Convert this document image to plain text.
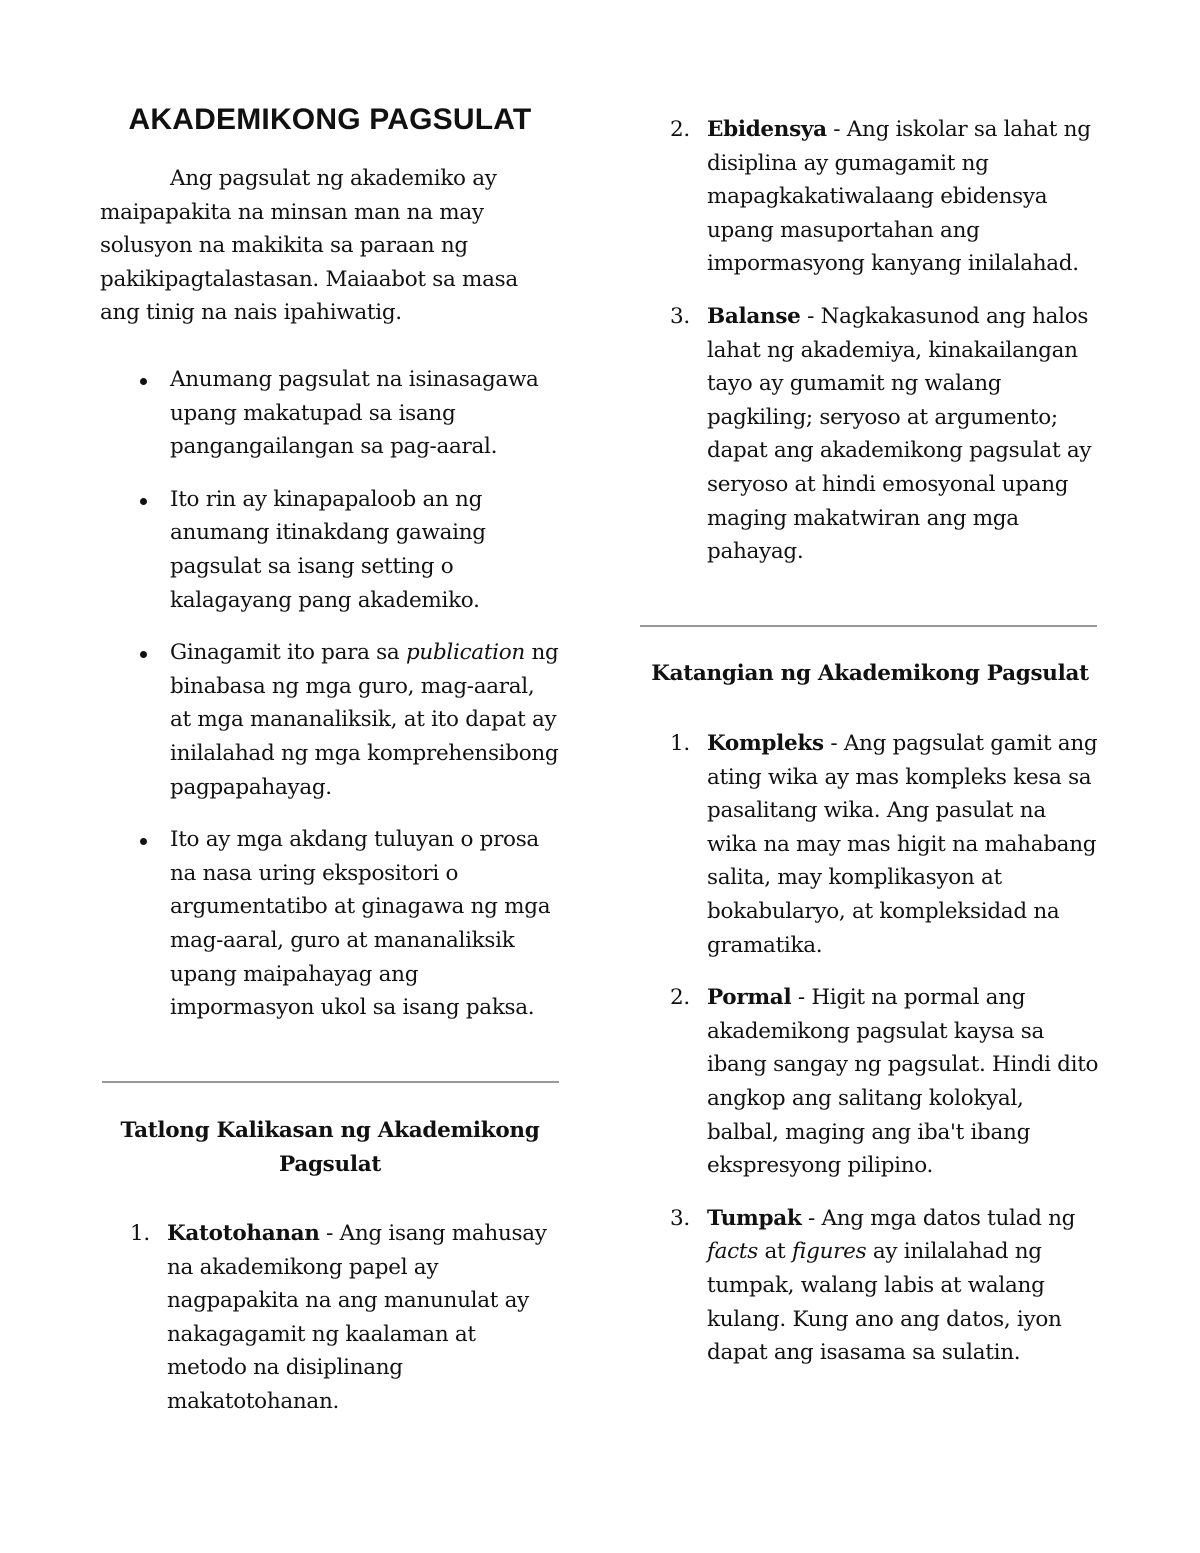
AKADEMIKONG PAGSULAT

Ang pagsulat ng akademiko ay maipapakita na minsan man na may solusyon na makikita sa paraan ng pakikipagtalastasan. Maiaabot sa masa ang tinig na nais ipahiwatig.

Anumang pagsulat na isinasagawa upang makatupad sa isang pangangailangan sa pag-aaral.
Ito rin ay kinapapaloob an ng anumang itinakdang gawaing pagsulat sa isang setting o kalagayang pang akademiko.
Ginagamit ito para sa publication ng binabasa ng mga guro, mag-aaral, at mga mananaliksik, at ito dapat ay inilalahad ng mga komprehensibong pagpapahayag.
Ito ay mga akdang tuluyan o prosa na nasa uring ekspositori o argumentatibo at ginagawa ng mga mag-aaral, guro at mananaliksik upang maipahayag ang impormasyon ukol sa isang paksa.
Tatlong Kalikasan ng Akademikong Pagsulat
1. Katotohanan - Ang isang mahusay na akademikong papel ay nagpapakita na ang manunulat ay nakagagamit ng kaalaman at metodo na disiplinang makatotohanan.
2. Ebidensya - Ang iskolar sa lahat ng disiplina ay gumagamit ng mapagkakatiwalaang ebidensya upang masuportahan ang impormasyong kanyang inilalahad.
3. Balanse - Nagkakasunod ang halos lahat ng akademiya, kinakailangan tayo ay gumamit ng walang pagkiling; seryoso at argumento; dapat ang akademikong pagsulat ay seryoso at hindi emosyonal upang maging makatwiran ang mga pahayag.
Katangian ng Akademikong Pagsulat
1. Kompleks - Ang pagsulat gamit ang ating wika ay mas kompleks kesa sa pasalitang wika. Ang pasulat na wika na may mas higit na mahabang salita, may komplikasyon at bokabularyo, at kompleksidad na gramatika.
2. Pormal - Higit na pormal ang akademikong pagsulat kaysa sa ibang sangay ng pagsulat. Hindi dito angkop ang salitang kolokyal, balbal, maging ang iba't ibang ekspresyong pilipino.
3. Tumpak - Ang mga datos tulad ng facts at figures ay inilalahad ng tumpak, walang labis at walang kulang. Kung ano ang datos, iyon dapat ang isasama sa sulatin.
